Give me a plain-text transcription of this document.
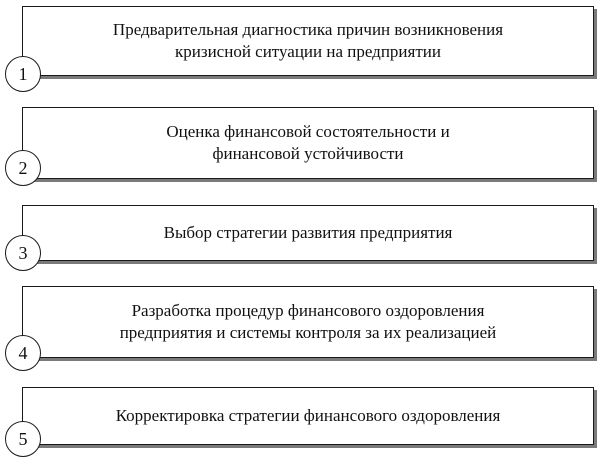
Предварительная диагностика причин возникновения
кризисной ситуации на предприятии
1
Оценка финансовой состоятельности и
финансовой устойчивости
2
Выбор стратегии развития предприятия
3
Разработка процедур финансового оздоровления
предприятия и системы контроля за их реализацией
4
Корректировка стратегии финансового оздоровления
5
